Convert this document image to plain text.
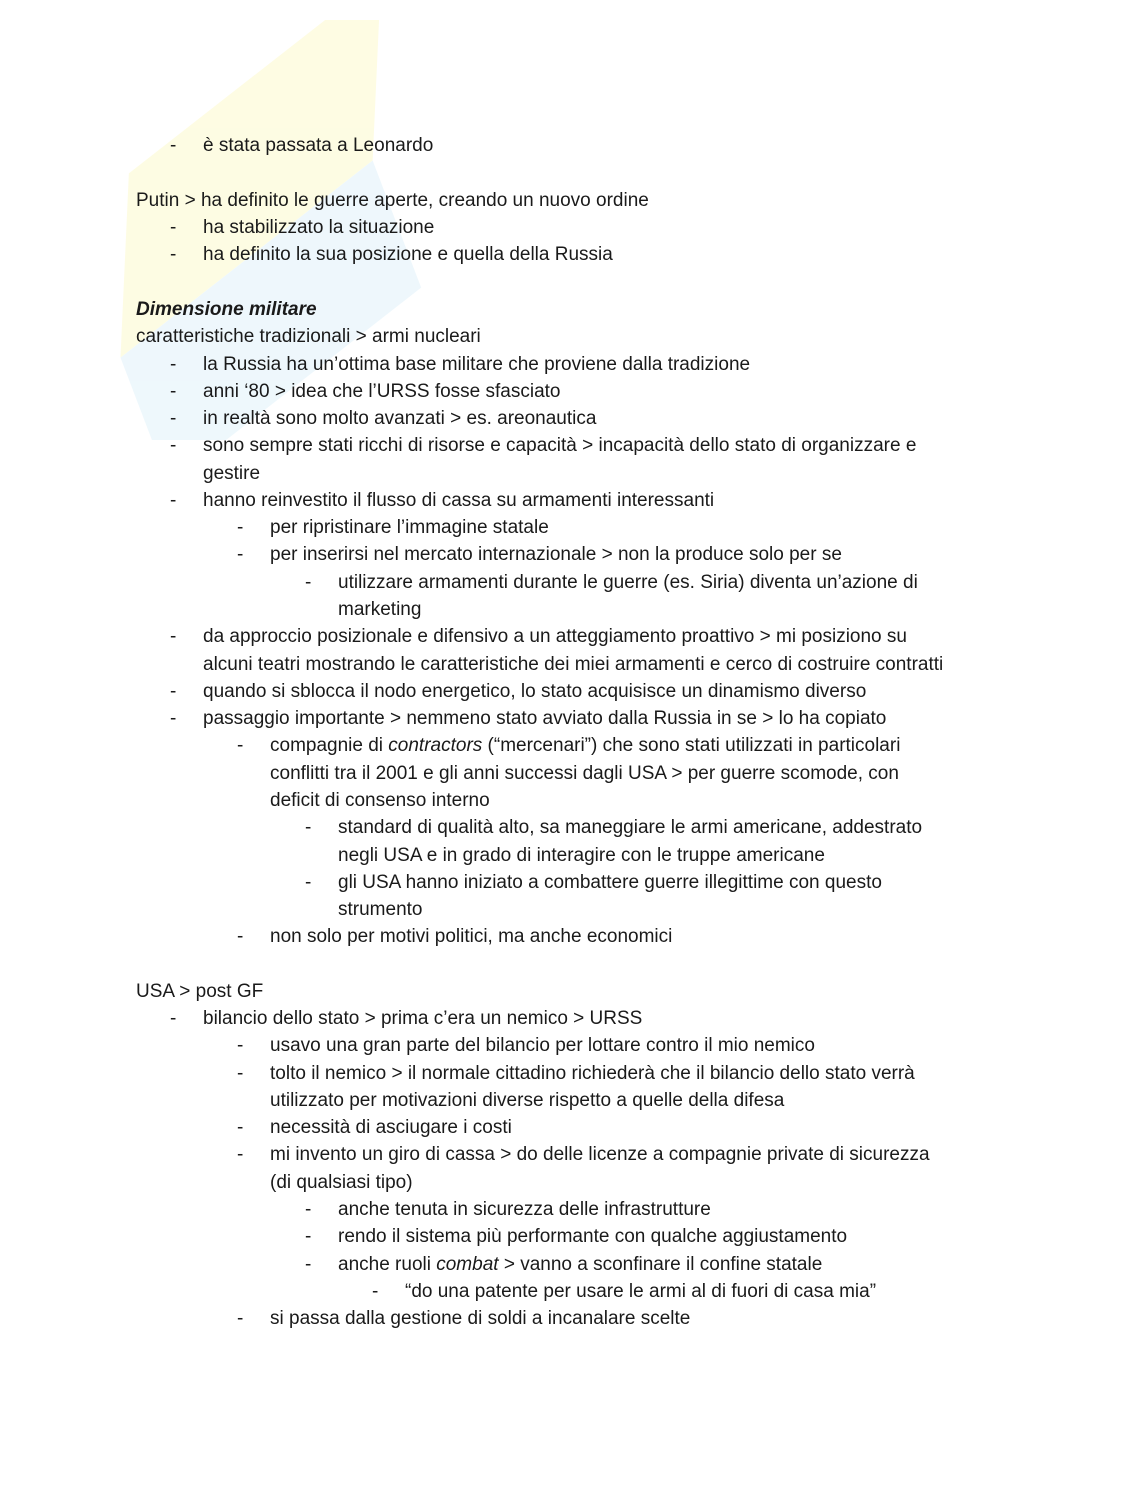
- è stata passata a Leonardo
Putin > ha definito le guerre aperte, creando un nuovo ordine
- ha stabilizzato la situazione
- ha definito la sua posizione e quella della Russia
Dimensione militare
caratteristiche tradizionali > armi nucleari
- la Russia ha un’ottima base militare che proviene dalla tradizione
- anni ‘80 > idea che l’URSS fosse sfasciato
- in realtà sono molto avanzati > es. areonautica
- sono sempre stati ricchi di risorse e capacità > incapacità dello stato di organizzare e
gestire
- hanno reinvestito il flusso di cassa su armamenti interessanti
- per ripristinare l’immagine statale
- per inserirsi nel mercato internazionale > non la produce solo per se
- utilizzare armamenti durante le guerre (es. Siria) diventa un’azione di
marketing
- da approccio posizionale e difensivo a un atteggiamento proattivo > mi posiziono su
alcuni teatri mostrando le caratteristiche dei miei armamenti e cerco di costruire contratti
- quando si sblocca il nodo energetico, lo stato acquisisce un dinamismo diverso
- passaggio importante > nemmeno stato avviato dalla Russia in se > lo ha copiato
- compagnie di contractors (“mercenari”) che sono stati utilizzati in particolari
conflitti tra il 2001 e gli anni successi dagli USA > per guerre scomode, con
deficit di consenso interno
- standard di qualità alto, sa maneggiare le armi americane, addestrato
negli USA e in grado di interagire con le truppe americane
- gli USA hanno iniziato a combattere guerre illegittime con questo
strumento
- non solo per motivi politici, ma anche economici
USA > post GF
- bilancio dello stato > prima c’era un nemico > URSS
- usavo una gran parte del bilancio per lottare contro il mio nemico
- tolto il nemico > il normale cittadino richiederà che il bilancio dello stato verrà
utilizzato per motivazioni diverse rispetto a quelle della difesa
- necessità di asciugare i costi
- mi invento un giro di cassa > do delle licenze a compagnie private di sicurezza
(di qualsiasi tipo)
- anche tenuta in sicurezza delle infrastrutture
- rendo il sistema più performante con qualche aggiustamento
- anche ruoli combat > vanno a sconfinare il confine statale
- “do una patente per usare le armi al di fuori di casa mia”
- si passa dalla gestione di soldi a incanalare scelte
